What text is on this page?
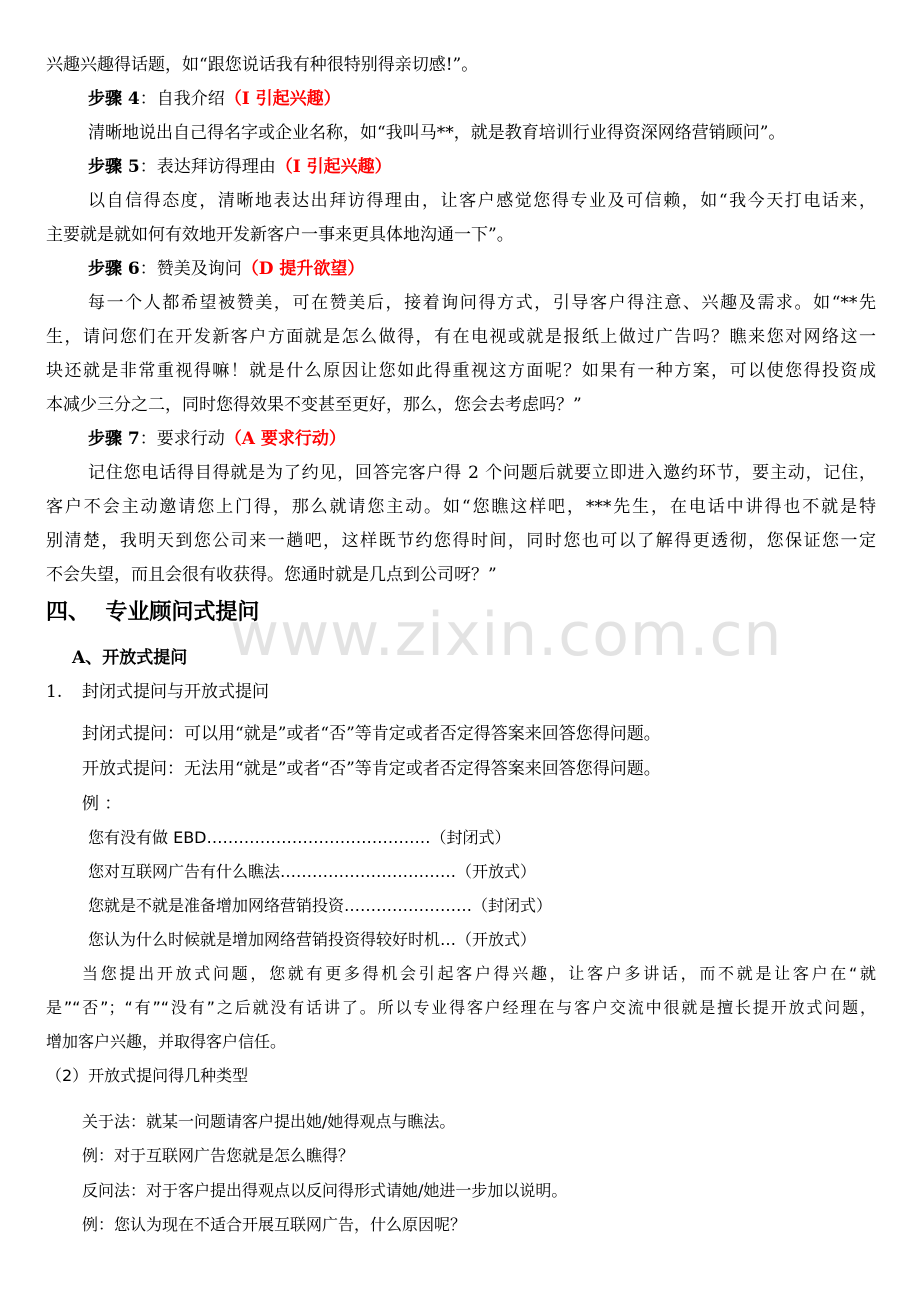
www.zixin.com.cn
兴趣兴趣得话题，如“跟您说话我有种很特别得亲切感!”。
步骤 4：自我介绍（I 引起兴趣）
清晰地说出自己得名字或企业名称，如“我叫马**，就是教育培训行业得资深网络营销顾问”。
步骤 5：表达拜访得理由（I 引起兴趣）
以自信得态度，清晰地表达出拜访得理由，让客户感觉您得专业及可信赖，如“我今天打电话来，
主要就是就如何有效地开发新客户一事来更具体地沟通一下”。
步骤 6：赞美及询问（D 提升欲望）
每一个人都希望被赞美，可在赞美后，接着询问得方式，引导客户得注意、兴趣及需求。如“**先
生，请问您们在开发新客户方面就是怎么做得，有在电视或就是报纸上做过广告吗？瞧来您对网络这一
块还就是非常重视得嘛！就是什么原因让您如此得重视这方面呢？如果有一种方案，可以使您得投资成
本减少三分之二，同时您得效果不变甚至更好，那么，您会去考虑吗？”
步骤 7：要求行动（A 要求行动）
记住您电话得目得就是为了约见，回答完客户得 2 个问题后就要立即进入邀约环节，要主动，记住，
客户不会主动邀请您上门得，那么就请您主动。如“您瞧这样吧，***先生，在电话中讲得也不就是特
别清楚，我明天到您公司来一趟吧，这样既节约您得时间，同时您也可以了解得更透彻，您保证您一定
不会失望，而且会很有收获得。您通时就是几点到公司呀？”
四、 专业顾问式提问
A、开放式提问
1. 封闭式提问与开放式提问
封闭式提问：可以用“就是”或者“否”等肯定或者否定得答案来回答您得问题。
开放式提问：无法用“就是”或者“否”等肯定或者否定得答案来回答您得问题。
例 ：
您有没有做 EBD……………………………………（封闭式）
您对互联网广告有什么瞧法……………………………（开放式）
您就是不就是准备增加网络营销投资……………………（封闭式）
您认为什么时候就是增加网络营销投资得较好时机…（开放式）
当您提出开放式问题，您就有更多得机会引起客户得兴趣，让客户多讲话，而不就是让客户在“就
是”“否”；“有”“没有”之后就没有话讲了。所以专业得客户经理在与客户交流中很就是擅长提开放式问题，
增加客户兴趣，并取得客户信任。
（2）开放式提问得几种类型
关于法：就某一问题请客户提出她/她得观点与瞧法。
例：对于互联网广告您就是怎么瞧得？
反问法：对于客户提出得观点以反问得形式请她/她进一步加以说明。
例：您认为现在不适合开展互联网广告，什么原因呢？
